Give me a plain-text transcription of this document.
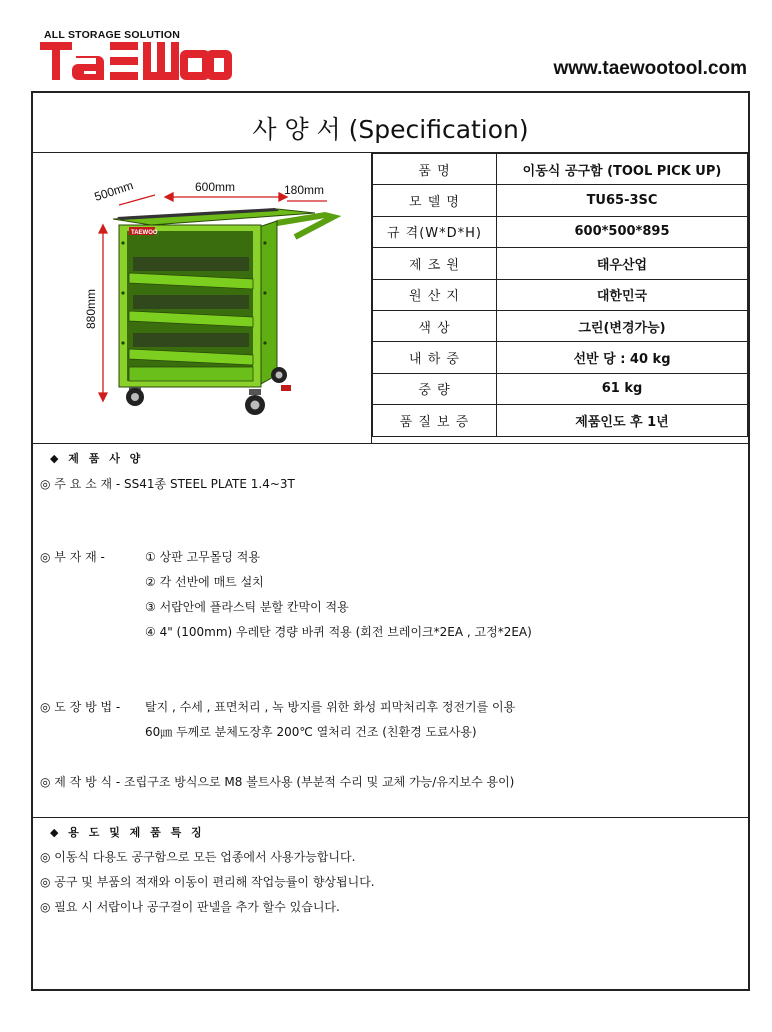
ALL STORAGE SOLUTION
www.taewootool.com
사 양 서 (Specification)
500mm	600mm	180mm
880mm
TAEWOO
품 명	이동식 공구함 (TOOL PICK UP)
모 델 명	TU65-3SC
규 격(W*D*H)	600*500*895
제 조 원	태우산업
원 산 지	대한민국
색 상	그린(변경가능)
내 하 중	선반 당 : 40 kg
중 량	61 kg
품 질 보 증	제품인도 후 1년
◆ 제 품 사 양
◎ 주 요 소 재 - SS41종 STEEL PLATE 1.4~3T
◎ 부 자 재 -	① 상판 고무몰딩 적용
② 각 선반에 매트 설치
③ 서랍안에 플라스틱 분할 칸막이 적용
④ 4" (100mm) 우레탄 경량 바퀴 적용 (회전 브레이크*2EA , 고정*2EA)
◎ 도 장 방 법 - 탈지 , 수세 , 표면처리 , 녹 방지를 위한 화성 피막처리후 정전기를 이용
60㎛ 두께로 분체도장후 200℃ 열처리 건조 (친환경 도료사용)
◎ 제 작 방 식 - 조립구조 방식으로 M8 볼트사용 (부분적 수리 및 교체 가능/유지보수 용이)
◆ 용 도 및 제 품 특 징
◎ 이동식 다용도 공구함으로 모든 업종에서 사용가능합니다.
◎ 공구 및 부품의 적재와 이동이 편리해 작업능률이 향상됩니다.
◎ 필요 시 서랍이나 공구걸이 판넬을 추가 할수 있습니다.
